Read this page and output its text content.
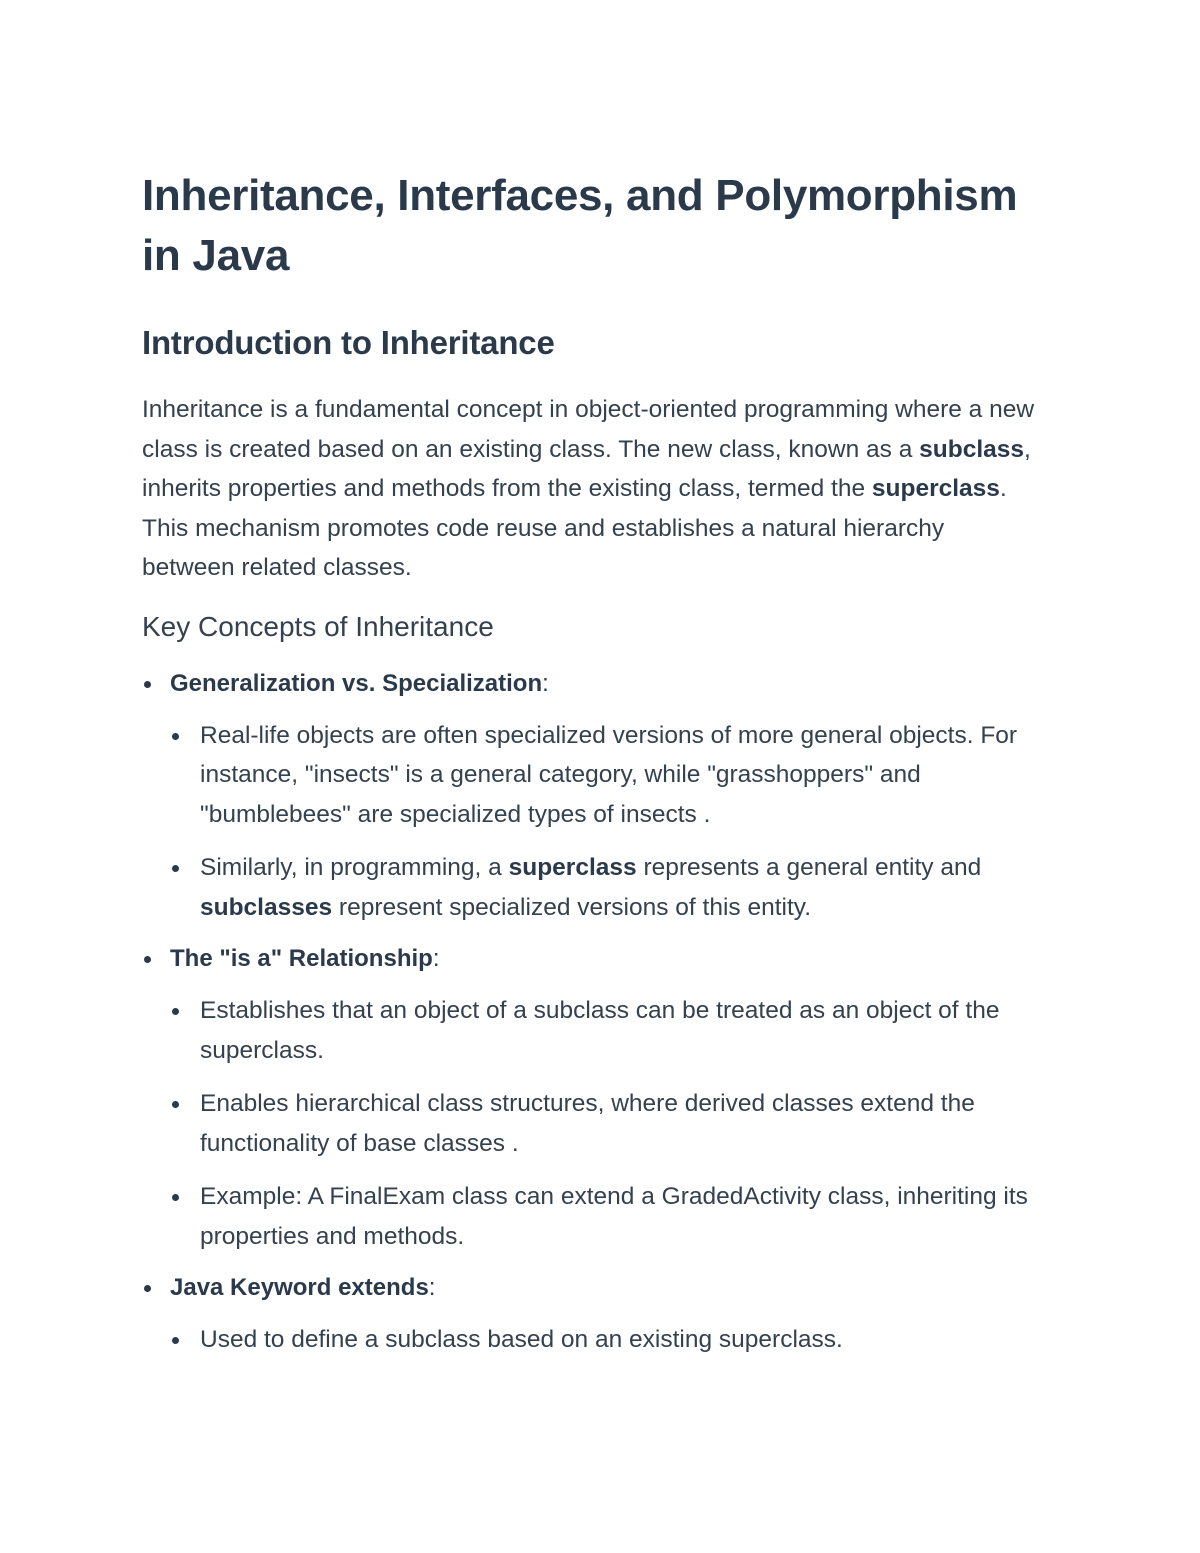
Inheritance, Interfaces, and Polymorphism in Java
Introduction to Inheritance

Inheritance is a fundamental concept in object-oriented programming where a new class is created based on an existing class. The new class, known as a subclass, inherits properties and methods from the existing class, termed the superclass. This mechanism promotes code reuse and establishes a natural hierarchy between related classes.

Key Concepts of Inheritance
Generalization vs. Specialization:
Real-life objects are often specialized versions of more general objects. For instance, "insects" is a general category, while "grasshoppers" and "bumblebees" are specialized types of insects .
Similarly, in programming, a superclass represents a general entity and subclasses represent specialized versions of this entity.
The "is a" Relationship:
Establishes that an object of a subclass can be treated as an object of the superclass.
Enables hierarchical class structures, where derived classes extend the functionality of base classes .
Example: A FinalExam class can extend a GradedActivity class, inheriting its properties and methods.
Java Keyword extends:
Used to define a subclass based on an existing superclass.
